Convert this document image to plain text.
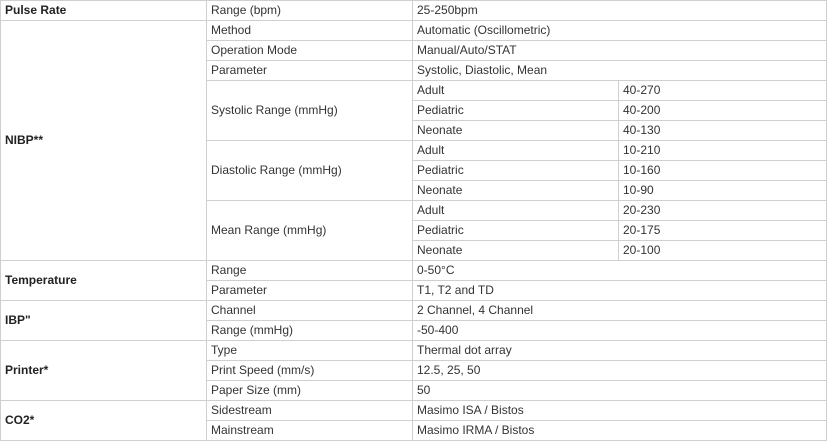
Pulse Rate	Range (bpm)	25-250bpm	
NIBP**	Method	Automatic (Oscillometric)	
	Operation Mode	Manual/Auto/STAT	
	Parameter	Systolic, Diastolic, Mean	
	Systolic Range (mmHg)	Adult	40-270
		Pediatric	40-200
		Neonate	40-130
	Diastolic Range (mmHg)	Adult	10-210
		Pediatric	10-160
		Neonate	10-90
	Mean Range (mmHg)	Adult	20-230
		Pediatric	20-175
		Neonate	20-100
Temperature	Range	0-50°C	
	Parameter	T1, T2 and TD	
IBP"	Channel	2 Channel, 4 Channel	
	Range (mmHg)	-50-400	
Printer*	Type	Thermal dot array	
	Print Speed (mm/s)	12.5, 25, 50	
	Paper Size (mm)	50	
CO2*	Sidestream	Masimo ISA / Bistos	
	Mainstream	Masimo IRMA / Bistos	
